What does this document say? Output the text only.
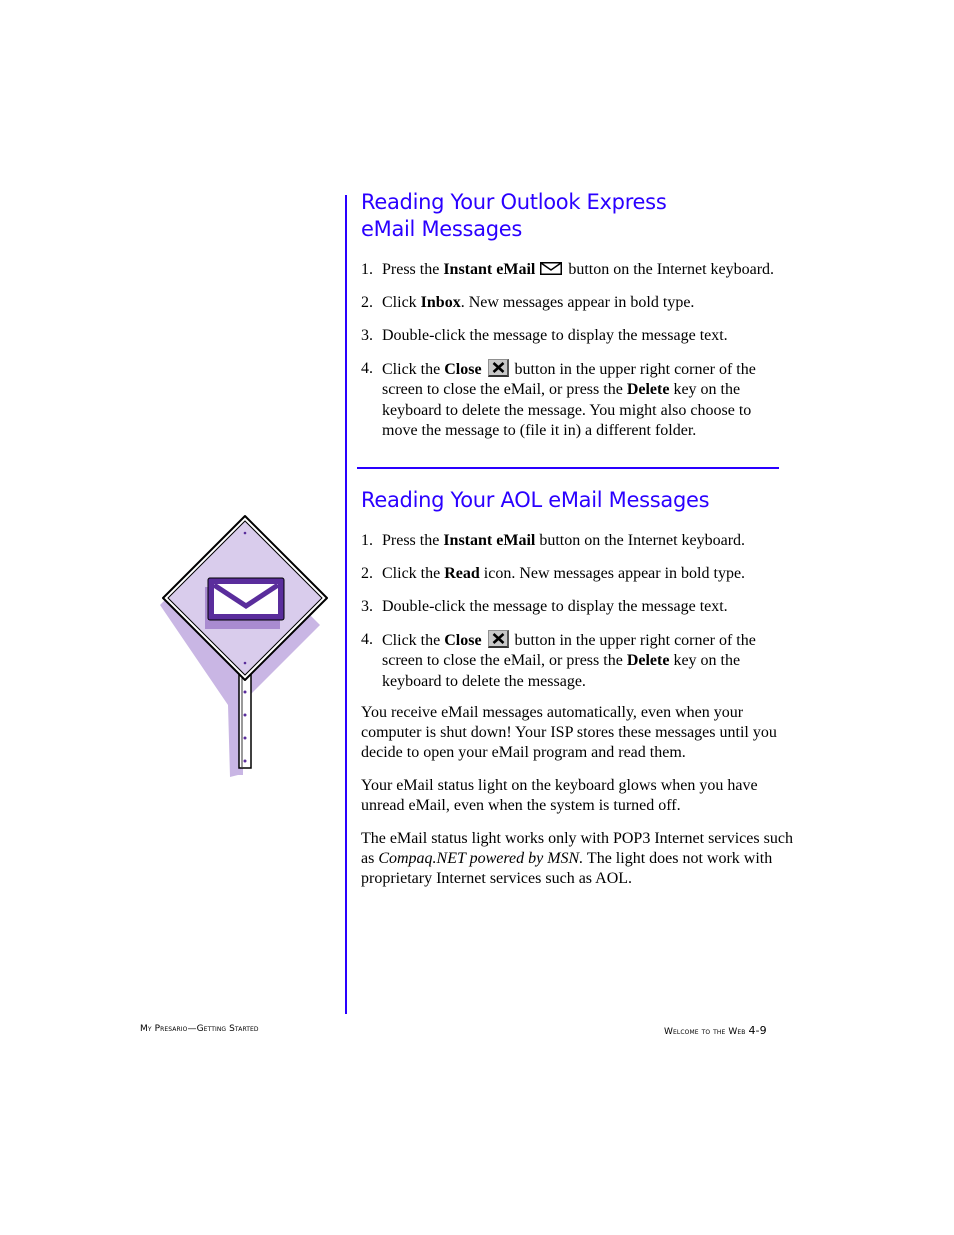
Reading Your Outlook Express
eMail Messages
1. Press the Instant eMail  button on the Internet keyboard.
2. Click Inbox. New messages appear in bold type.
3. Double-click the message to display the message text.
4. Click the Close
button in the upper right corner of the screen to close the eMail, or press the Delete key on the keyboard to delete the message. You might also choose to move the message to (file it in) a different folder.
Reading Your AOL eMail Messages
1. Press the Instant eMail button on the Internet keyboard.
2. Click the Read icon. New messages appear in bold type.
3. Double-click the message to display the message text.
4. Click the Close
button in the upper right corner of the screen to close the eMail, or press the Delete key on the keyboard to delete the message.

You receive eMail messages automatically, even when your computer is shut down! Your ISP stores these messages until you decide to open your eMail program and read them.

Your eMail status light on the keyboard glows when you have unread eMail, even when the system is turned off.

The eMail status light works only with POP3 Internet services such as Compaq.NET powered by MSN. The light does not work with proprietary Internet services such as AOL.

My Presario—Getting Started	Welcome to the Web 4-9
